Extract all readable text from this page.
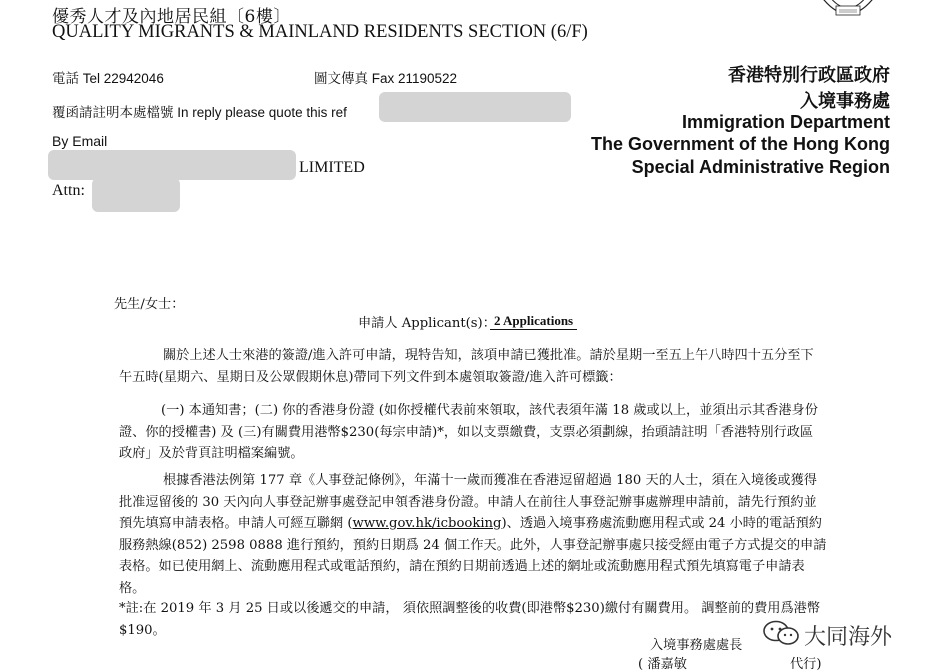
優秀人才及內地居民組〔6樓〕
QUALITY MIGRANTS & MAINLAND RESIDENTS SECTION (6/F)
電話 Tel 22942046	圖文傳真 Fax 21190522
覆函請註明本處檔號 In reply please quote this ref
香港特別行政區政府
入境事務處
Immigration Department
The Government of the Hong Kong
Special Administrative Region
By Email
LIMITED
Attn:
先生/女士：
申請人 Applicant(s)：
2 Applications

關於上述人士來港的簽證/進入許可申請，現特告知，該項申請已獲批准。請於星期一至五上午八時四十五分至下午五時(星期六、星期日及公眾假期休息)帶同下列文件到本處領取簽證/進入許可標籤：

(一) 本通知書；(二) 你的香港身份證 (如你授權代表前來領取，該代表須年滿 18 歲或以上，並須出示其香港身份證、你的授權書) 及 (三)有關費用港幣$230(每宗申請)*，如以支票繳費，支票必須劃線，抬頭請註明「香港特別行政區政府」及於背頁註明檔案編號。

根據香港法例第 177 章《人事登記條例》，年滿十一歲而獲准在香港逗留超過 180 天的人士，須在入境後或獲得批准逗留後的 30 天內向人事登記辦事處登記申領香港身份證。申請人在前往人事登記辦事處辦理申請前，請先行預約並預先填寫申請表格。申請人可經互聯網 (www.gov.hk/icbooking)、透過入境事務處流動應用程式或 24 小時的電話預約服務熱線(852) 2598 0888 進行預約，預約日期爲 24 個工作天。此外，人事登記辦事處只接受經由電子方式提交的申請表格。如已使用網上、流動應用程式或電話預約，請在預約日期前透過上述的網址或流動應用程式預先填寫電子申請表格。

*註:在 2019 年 3 月 25 日或以後遞交的申請， 須依照調整後的收費(即港幣$230)繳付有關費用。 調整前的費用爲港幣$190。

入境事務處處長
( 潘嘉敏	代行)
大同海外
